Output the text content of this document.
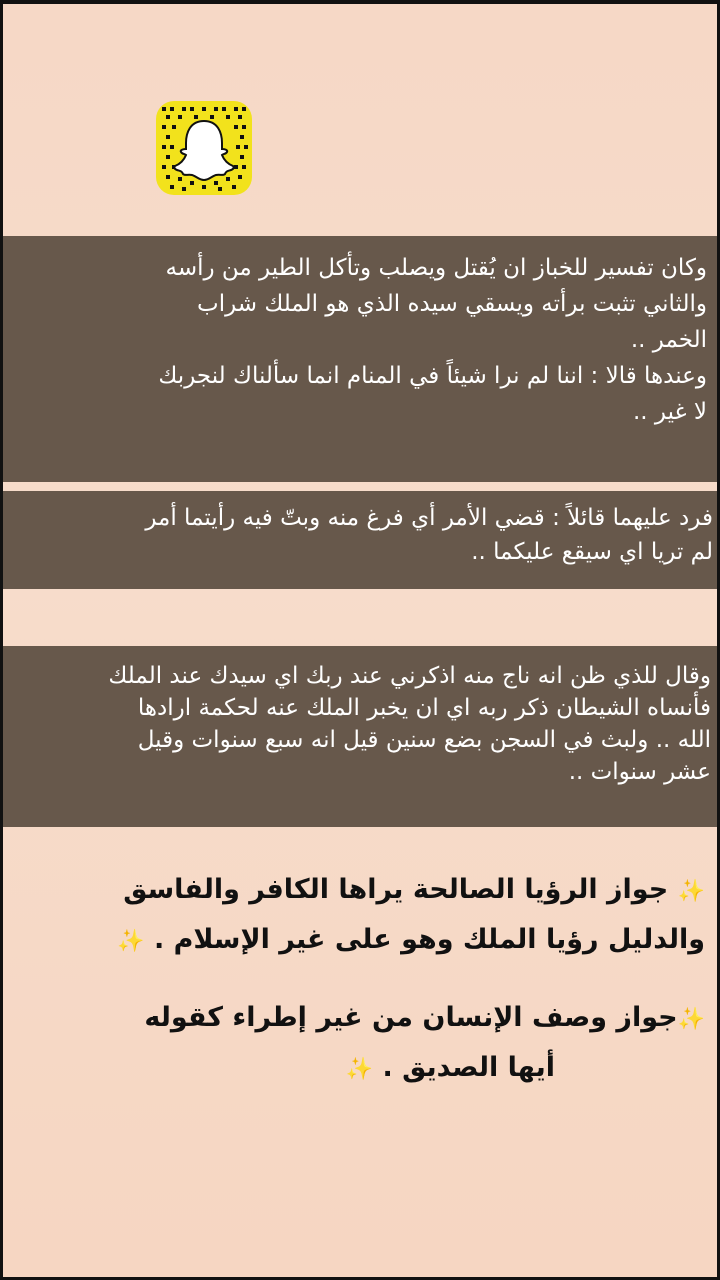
وكان تفسير للخباز ان يُقتل ويصلب وتأكل الطير من رأسه

والثاني تثبت برأته ويسقي سيده الذي هو الملك شراب

الخمر ..

وعندها قالا : اننا لم نرا شيئاً في المنام انما سألناك لنجربك

لا غير ..

فرد عليهما قائلاً : قضي الأمر أي فرغ منه وبتّ فيه رأيتما أمر

لم تريا اي سيقع عليكما ..

وقال للذي ظن انه ناج منه اذكرني عند ربك اي سيدك عند الملك

فأنساه الشيطان ذكر ربه اي ان يخبر الملك عنه لحكمة ارادها

الله .. ولبث في السجن بضع سنين قيل انه سبع سنوات وقيل

عشر سنوات ..

✨ جواز الرؤيا الصالحة يراها الكافر والفاسق

والدليل رؤيا الملك وهو على غير الإسلام . ✨

✨جواز وصف الإنسان من غير إطراء كقوله

أيها الصديق . ✨
